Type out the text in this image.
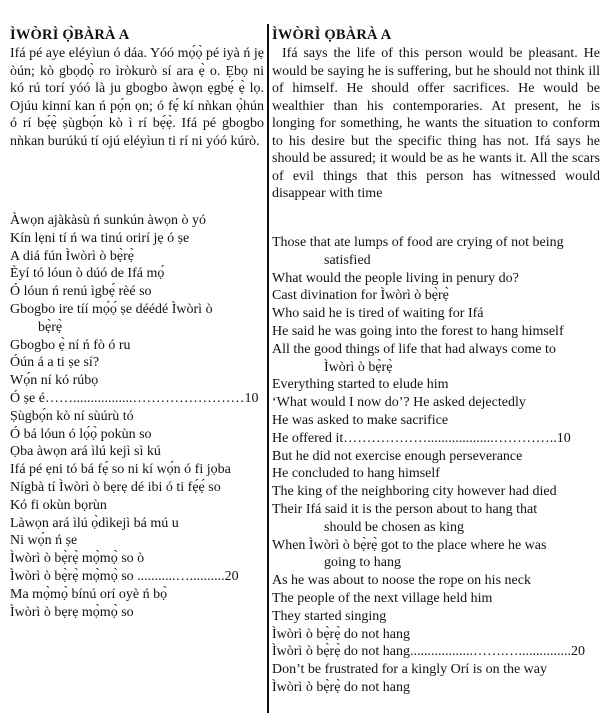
ÌWÒRÌ Ọ̀BÀRÀ A
Ifá pé aye eléyìun ó dáa. Yóó mọ́ọ̀ pé iyà ń jẹ òún; kò gbọdọ̀ ro ìròkurò sí ara ẹ̀ o. Ẹbọ ni kó rú torí yóó là ju gbogbo àwọn ẹgbẹ́ ẹ̀ lọ. Ojúu kinní kan ń pọ́n ọn; ó fẹ́ kí nǹkan ọ̀hún ó rí bẹ́ẹ̀ ṣùgbọ́n kò ì rí bẹ́ẹ̀. Ifá pé gbogbo nǹkan burúkú tí ojú eléyìun ti rí ni yóó kúrò.
Àwọn ajàkàsù ń sunkún àwọn ò yó
Kín lẹni tí ń wa tinú orirí jẹ ó ṣe
A diá fún Ìwòrì ò bẹ̀rẹ̀
Èyí tó lóun ò dúó de Ifá mọ́
Ó lóun ń renú ìgbẹ́ rèé so
Gbogbo ire tíí mọ́ọ́ ṣe déédé Ìwòrì ò
bẹ̀rẹ̀
Gbogbo ẹ̀ ní ń fò ó ru
Óún á a ti ṣe sí?
Wọ́n ní kó rúbọ
Ó ṣe é…….................……………………10
Ṣùgbọ́n kò ní sùúrù tó
Ó bá lóun ó lọ́ọ̀ pokùn so
Ọba àwọn ará ìlú kejì sì kú
Ifá pé ẹni tó bá fẹ́ so ni kí wọ́n ó fi jọba
Nígbà tí Ìwòrì ò bẹrẹ dé ibi ó ti fẹ́ẹ́ so
Kó fi okùn bọrùn
Làwọn ará ìlú ọ̀dìkejì bá mú u
Ni wọ́n ń ṣe
Ìwòrì ò bẹ̀rẹ̀ mọ̀mọ̀ so ò
Ìwòrì ò bẹ̀rẹ̀ mọ̀mọ̀ so ...........…..........20
Ma mọ̀mọ̀ bínú orí oyè ń bọ̀
Ìwòrì ò bẹrẹ mọ̀mọ̀ so
ÌWÒRÌ ỌBÀRÀ A
Ifá says the life of this person would be pleasant. He would be saying he is suffering, but he should not think ill of himself. He should offer sacrifices. He would be wealthier than his contemporaries. At present, he is longing for something, he wants the situation to conform to his desire but the specific thing has not. Ifá says he should be assured; it would be as he wants it. All the scars of evil things that this person has witnessed would disappear with time
Those that ate lumps of food are crying of not being
satisfied
What would the people living in penury do?
Cast divination for Ìwòrì ò bẹ̀rẹ̀
Who said he is tired of waiting for Ifá
He said he was going into the forest to hang himself
All the good things of life that had always come to
Ìwòrì ò bẹ̀rẹ̀
Everything started to elude him
‘What would I now do’? He asked dejectedly
He was asked to make sacrifice
He offered it………………...................…………..10
But he did not exercise enough perseverance
He concluded to hang himself
The king of the neighboring city however had died
Their Ifá said it is the person about to hang that
should be chosen as king
When Ìwòrì ò bẹ̀rẹ̀ got to the place where he was
going to hang
As he was about to noose the rope on his neck
The people of the next village held him
They started singing
Ìwòrì ò bẹ̀rẹ̀ do not hang
Ìwòrì ò bẹ̀rẹ̀ do not hang..................…….…...............20
Don’t be frustrated for a kingly Orí is on the way
Ìwòrì ò bẹ̀rẹ̀ do not hang
